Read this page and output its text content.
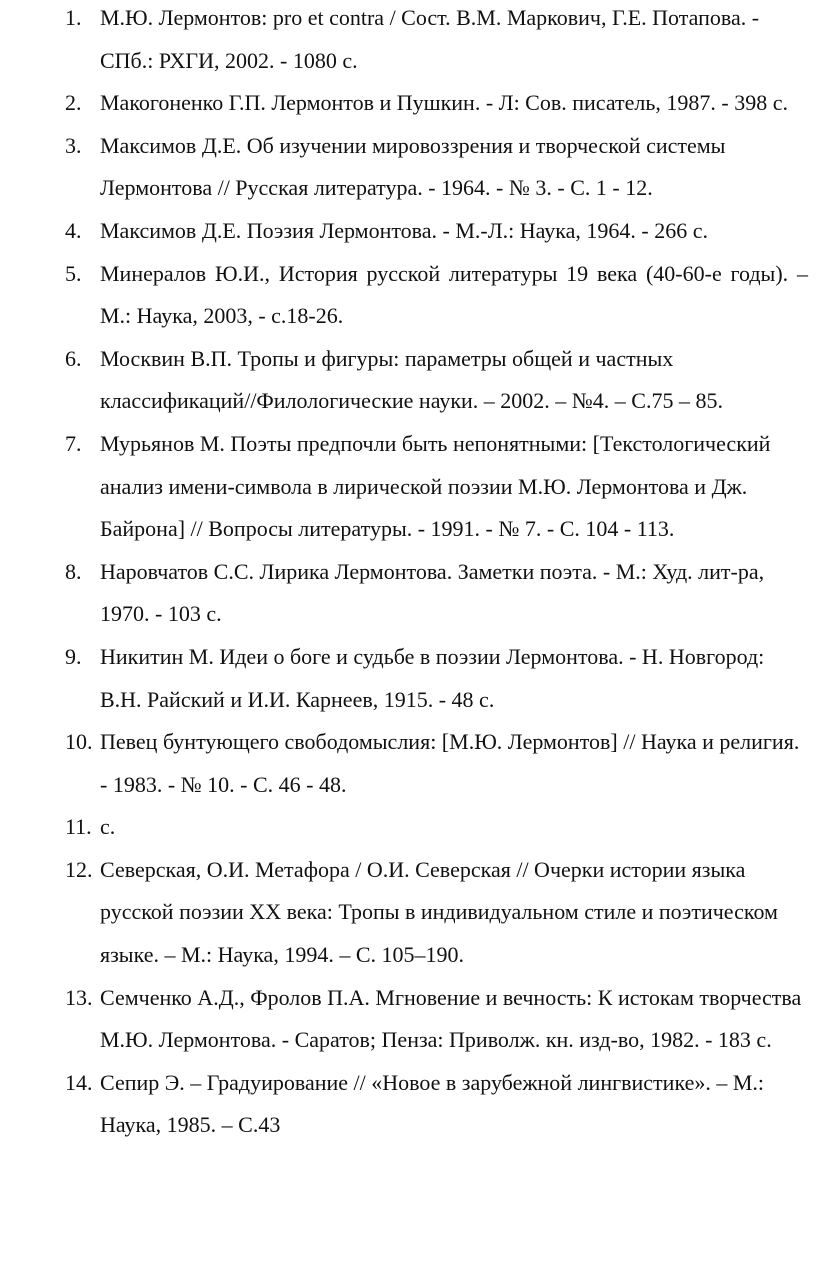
1. М.Ю. Лермонтов: pro et contra / Сост. В.М. Маркович, Г.Е. Потапова. - СПб.: РХГИ, 2002. - 1080 с.
2. Макогоненко Г.П. Лермонтов и Пушкин. - Л: Сов. писатель, 1987. - 398 с.
3. Максимов Д.Е. Об изучении мировоззрения и творческой системы Лермонтова // Русская литература. - 1964. - № 3. - С. 1 - 12.
4. Максимов Д.Е. Поэзия Лермонтова. - М.-Л.: Наука, 1964. - 266 с.
5. Минералов Ю.И., История русской литературы 19 века (40-60-е годы). – М.: Наука, 2003, - с.18-26.
6. Москвин В.П. Тропы и фигуры: параметры общей и частных классификаций//Филологические науки. – 2002. – №4. – С.75 – 85.
7. Мурьянов М. Поэты предпочли быть непонятными: [Текстологический анализ имени-символа в лирической поэзии М.Ю. Лермонтова и Дж. Байрона] // Вопросы литературы. - 1991. - № 7. - С. 104 - 113.
8. Наровчатов С.С. Лирика Лермонтова. Заметки поэта. - М.: Худ. лит-ра, 1970. - 103 с.
9. Никитин М. Идеи о боге и судьбе в поэзии Лермонтова. - Н. Новгород: В.Н. Райский и И.И. Карнеев, 1915. - 48 с.
10. Певец бунтующего свободомыслия: [М.Ю. Лермонтов] // Наука и религия. - 1983. - № 10. - С. 46 - 48.
11. с.
12. Северская, О.И. Метафора / О.И. Северская // Очерки истории языка русской поэзии XX века: Тропы в индивидуальном стиле и поэтическом языке. – М.: Наука, 1994. – С. 105–190.
13. Семченко А.Д., Фролов П.А. Мгновение и вечность: К истокам творчества М.Ю. Лермонтова. - Саратов; Пенза: Приволж. кн. изд-во, 1982. - 183 с.
14. Сепир Э. – Градуирование // «Новое в зарубежной лингвистике». – М.: Наука, 1985. – С.43
